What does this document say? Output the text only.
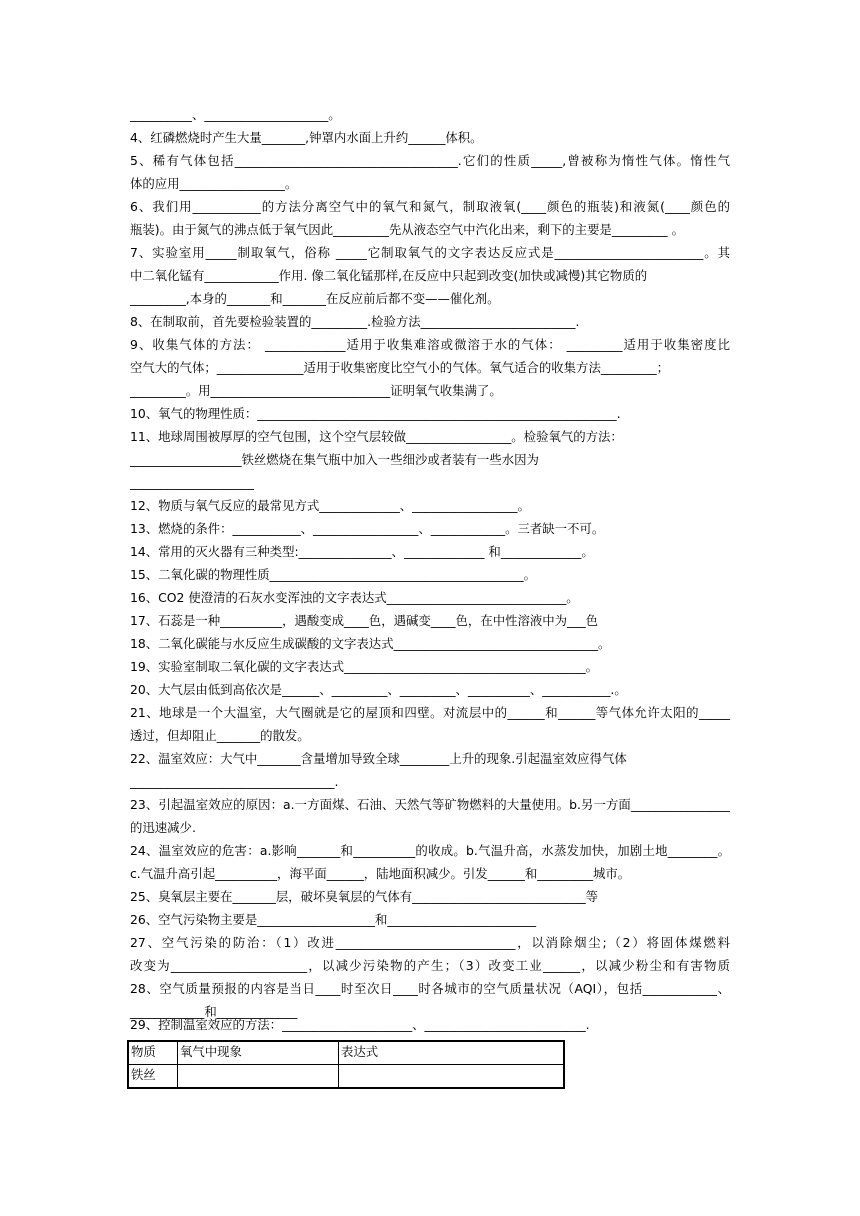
__________、____________________。

4、红磷燃烧时产生大量_______,钟罩内水面上升约______体积。

5、稀有气体包括____________________________________.它们的性质_____,曾被称为惰性气体。惰性气

体的应用_________________。

6、我们用___________的方法分离空气中的氧气和氮气，制取液氧(____颜色的瓶装)和液氮(____颜色的

瓶装)。由于氮气的沸点低于氧气因此_________先从液态空气中汽化出来，剩下的主要是_________ 。

7、实验室用_____制取氧气，俗称 _____它制取氧气的文字表达反应式是________________________。其

中二氧化锰有____________作用. 像二氧化锰那样,在反应中只起到改变(加快或减慢)其它物质的

_________,本身的_______和_______在反应前后都不变——催化剂。

8、在制取前，首先要检验装置的_________.检验方法_________________________.

9、收集气体的方法： _____________适用于收集难溶或微溶于水的气体： _________适用于收集密度比

空气大的气体；______________适用于收集密度比空气小的气体。氧气适合的收集方法_________；

_________。用_____________________________证明氧气收集满了。

10、氧气的物理性质：__________________________________________________________.

11、地球周围被厚厚的空气包围，这个空气层较做_________________。检验氧气的方法：

__________________铁丝燃烧在集气瓶中加入一些细沙或者装有一些水因为

____________________

12、物质与氧气反应的最常见方式_____________、_________________。

13、燃烧的条件：___________、_________________、____________。三者缺一不可。

14、常用的灭火器有三种类型:_______________、_____________ 和_____________。

15、二氧化碳的物理性质_________________________________________。

16、CO2 使澄清的石灰水变浑浊的文字表达式_____________________________。

17、石蕊是一种__________，遇酸变成____色，遇碱变____色，在中性溶液中为___色

18、二氧化碳能与水反应生成碳酸的文字表达式_________________________________。

19、实验室制取二氧化碳的文字表达式_______________________________________。

20、大气层由低到高依次是______、_________、_________、__________、___________.。

21、地球是一个大温室，大气圈就是它的屋顶和四壁。对流层中的______和______等气体允许太阳的_____

透过，但却阻止_______的散发。

22、温室效应：大气中_______含量增加导致全球________上升的现象.引起温室效应得气体

_________________________________.

23、引起温室效应的原因：a.一方面煤、石油、天然气等矿物燃料的大量使用。b.另一方面________________

的迅速减少.

24、温室效应的危害：a.影响_______和__________的收成。b.气温升高，水蒸发加快，加剧土地________。

c.气温升高引起__________，海平面______，陆地面积减少。引发______和_________城市。

25、臭氧层主要在_______层，破坏臭氧层的气体有____________________________等

26、空气污染物主要是___________________和________________________

27、空气污染的防治：（1）改进_____________________________，以消除烟尘;（2）将固体煤燃料

改变为______________________，以减少污染物的产生；（3）改变工业______，以减少粉尘和有害物质

28、空气质量预报的内容是当日____时至次日____时各城市的空气质量状况（AQI），包括____________、

____________和_____________

29、控制温室效应的方法：_____________________、__________________________.

物质	氧气中现象	表达式
铁丝		
